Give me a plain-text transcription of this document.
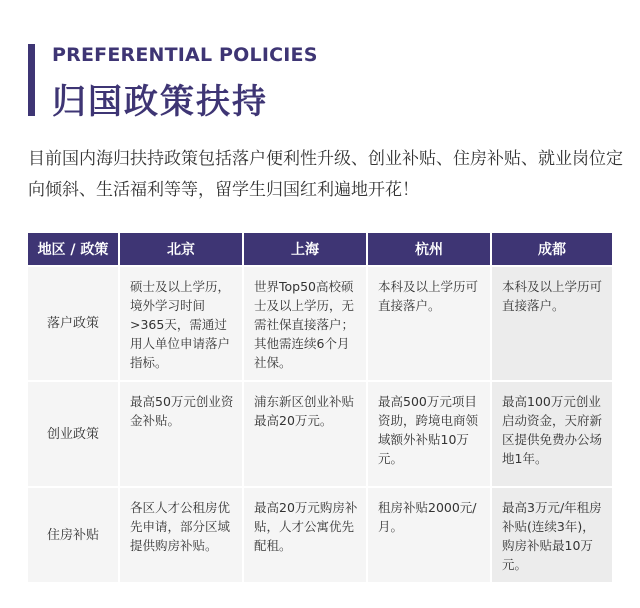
PREFERENTIAL POLICIES
归国政策扶持
目前国内海归扶持政策包括落户便利性升级、创业补贴、住房补贴、就业岗位定向倾斜、生活福利等等，留学生归国红利遍地开花！
地区 / 政策	北京	上海	杭州	成都
落户政策	硕士及以上学历，境外学习时间>365天，需通过用人单位申请落户指标。	世界Top50高校硕士及以上学历，无需社保直接落户；其他需连续6个月社保。	本科及以上学历可直接落户。	本科及以上学历可直接落户。
创业政策	最高50万元创业资金补贴。	浦东新区创业补贴最高20万元。	最高500万元项目资助，跨境电商领域额外补贴10万元。	最高100万元创业启动资金，天府新区提供免费办公场地1年。
住房补贴	各区人才公租房优先申请，部分区域提供购房补贴。	最高20万元购房补贴，人才公寓优先配租。	租房补贴2000元/月。	最高3万元/年租房补贴(连续3年)，购房补贴最10万元。
